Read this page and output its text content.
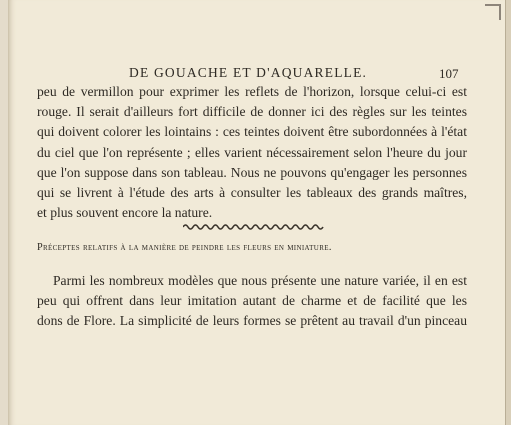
DE GOUACHE ET D'AQUARELLE.	107
peu de vermillon pour exprimer les reflets de l'horizon, lorsque celui-ci est
rouge. Il serait d'ailleurs fort difficile de donner ici des règles sur les teintes
qui doivent colorer les lointains : ces teintes doivent être subordonnées à l'état
du ciel que l'on représente ; elles varient nécessairement selon l'heure du jour
que l'on suppose dans son tableau. Nous ne pouvons qu'engager les personnes
qui se livrent à l'étude des arts à consulter les tableaux des grands maîtres,
et plus souvent encore la nature.
Préceptes relatifs à la manière de peindre les fleurs en miniature.
Parmi les nombreux modèles que nous présente une nature variée, il en est
peu qui offrent dans leur imitation autant de charme et de facilité que les
dons de Flore. La simplicité de leurs formes se prêtent au travail d'un pinceau
